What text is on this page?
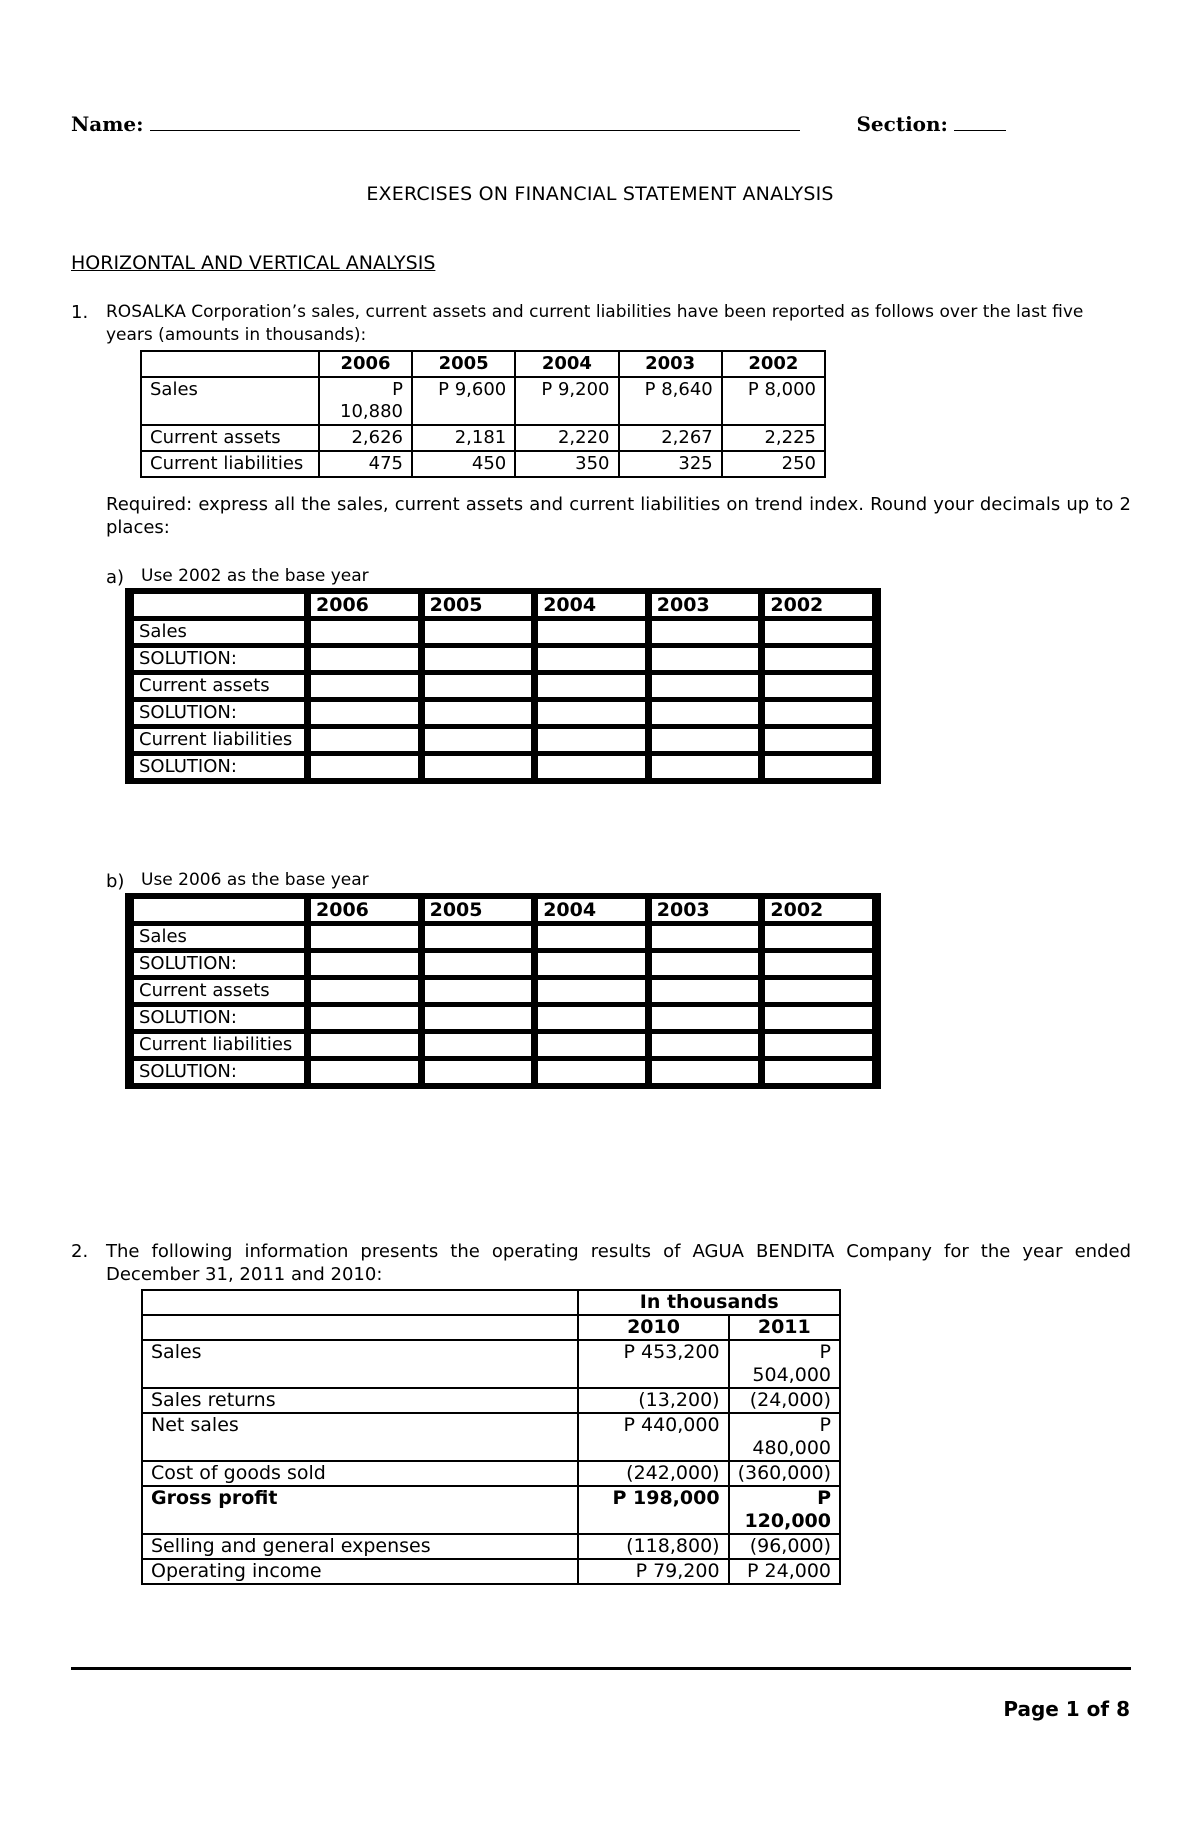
Name:	Section:
EXERCISES ON FINANCIAL STATEMENT ANALYSIS
HORIZONTAL AND VERTICAL ANALYSIS
1. ROSALKA Corporation’s sales, current assets and current liabilities have been reported as follows over the last five years (amounts in thousands):
	2006	2005	2004	2003	2002
Sales	P 10,880	P 9,600	P 9,200	P 8,640	P 8,000
Current assets	2,626	2,181	2,220	2,267	2,225
Current liabilities	475	450	350	325	250
Required: express all the sales, current assets and current liabilities on trend index. Round your decimals up to 2 places:
a) Use 2002 as the base year
	2006	2005	2004	2003	2002
Sales					
SOLUTION:					
Current assets					
SOLUTION:					
Current liabilities					
SOLUTION:					
b) Use 2006 as the base year
	2006	2005	2004	2003	2002
Sales					
SOLUTION:					
Current assets					
SOLUTION:					
Current liabilities					
SOLUTION:					
2. The following information presents the operating results of AGUA BENDITA Company for the year ended December 31, 2011 and 2010:
	In thousands	
	2010	2011
Sales	P 453,200	P 504,000
Sales returns	(13,200)	(24,000)
Net sales	P 440,000	P 480,000
Cost of goods sold	(242,000)	(360,000)
Gross profit	P 198,000	P 120,000
Selling and general expenses	(118,800)	(96,000)
Operating income	P 79,200	P 24,000
Page 1 of 8
